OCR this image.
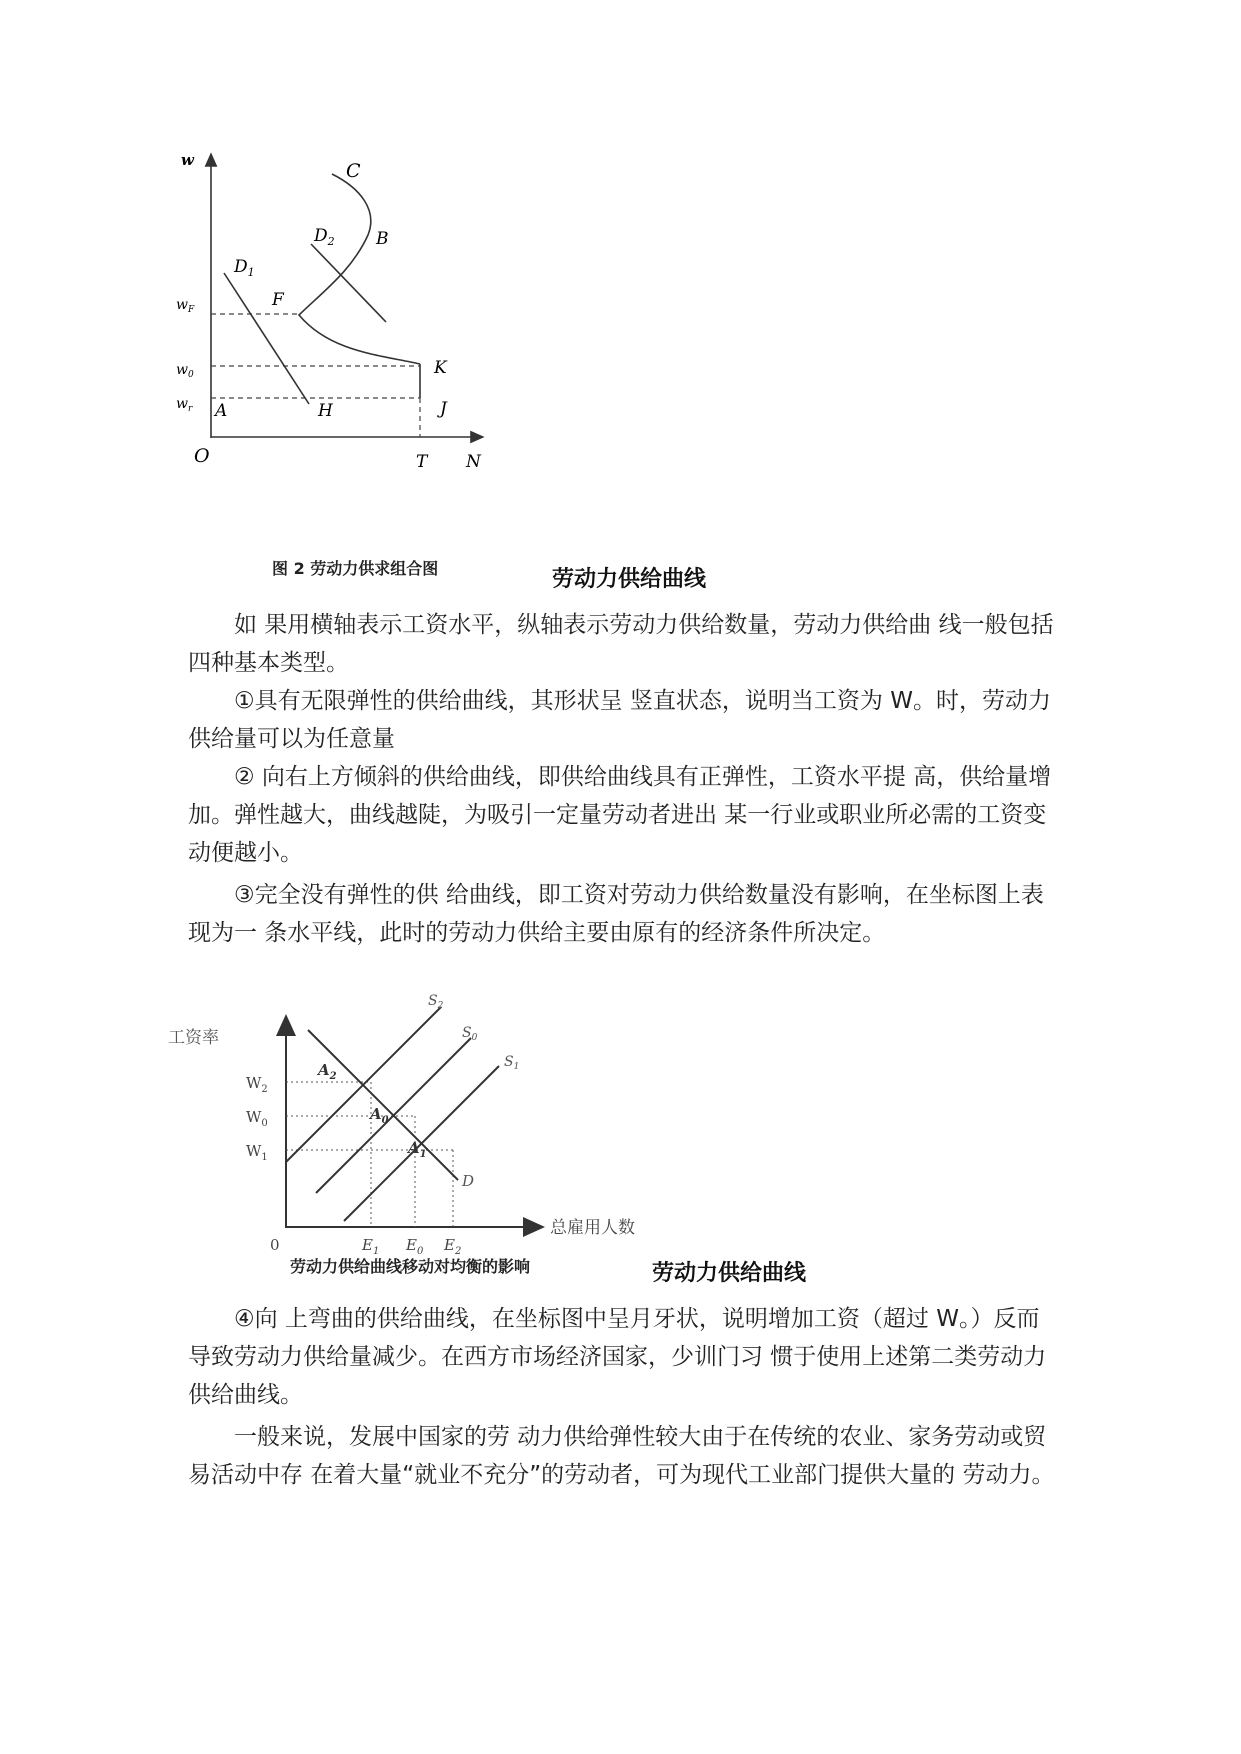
w	C
$D_2$ B
$D_1$
$w_F$	F
$w_0$	K
$w_r$ A	H	J
O	T N
图 2 劳动力供求组合图	劳动力供给曲线

如 果用横轴表示工资水平，纵轴表示劳动力供给数量，劳动力供给曲 线一般包括四种基本类型。

①具有无限弹性的供给曲线，其形状呈 竖直状态，说明当工资为 W。时，劳动力供给量可以为任意量

② 向右上方倾斜的供给曲线，即供给曲线具有正弹性，工资水平提 高，供给量增加。弹性越大，曲线越陡，为吸引一定量劳动者进出 某一行业或职业所必需的工资变动便越小。

③完全没有弹性的供 给曲线，即工资对劳动力供给数量没有影响，在坐标图上表现为一 条水平线，此时的劳动力供给主要由原有的经济条件所决定。

工资率
$W_2$
$W_0$
$W_1$
0	$E_1$ $E_0$ $E_2$
总雇用人数
$S_2$
$S_0$
$S_1$
$A_2$
$A_0$
$A_1$
D
劳动力供给曲线移动对均衡的影响	劳动力供给曲线

④向 上弯曲的供给曲线，在坐标图中呈月牙状，说明增加工资（超过 W。）反而导致劳动力供给量减少。在西方市场经济国家，少训门习 惯于使用上述第二类劳动力供给曲线。

一般来说，发展中国家的劳 动力供给弹性较大由于在传统的农业、家务劳动或贸易活动中存 在着大量“就业不充分”的劳动者，可为现代工业部门提供大量的 劳动力。
